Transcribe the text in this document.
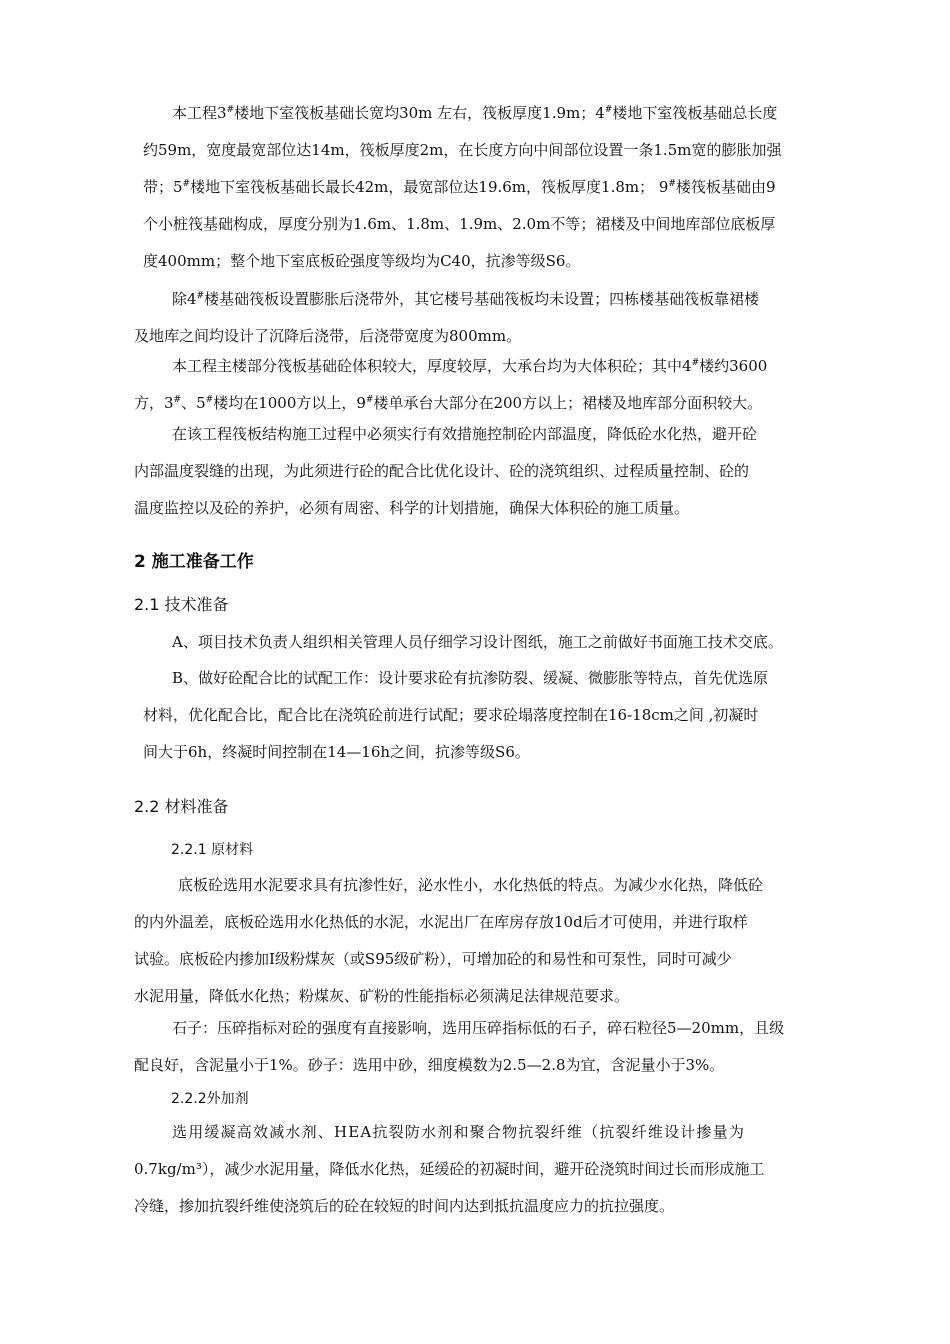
本工程3#楼地下室筏板基础长宽均30m 左右，筏板厚度1.9m；4#楼地下室筏板基础总长度
约59m，宽度最宽部位达14m，筏板厚度2m，在长度方向中间部位设置一条1.5m宽的膨胀加强
带；5#楼地下室筏板基础长最长42m，最宽部位达19.6m，筏板厚度1.8m； 9#楼筏板基础由9
个小桩筏基础构成，厚度分别为1.6m、1.8m、1.9m、2.0m不等；裙楼及中间地库部位底板厚
度400mm；整个地下室底板砼强度等级均为C40，抗渗等级S6。
除4#楼基础筏板设置膨胀后浇带外，其它楼号基础筏板均未设置；四栋楼基础筏板靠裙楼
及地库之间均设计了沉降后浇带，后浇带宽度为800mm。
本工程主楼部分筏板基础砼体积较大，厚度较厚，大承台均为大体积砼；其中4#楼约3600
方，3#、5#楼均在1000方以上，9#楼单承台大部分在200方以上；裙楼及地库部分面积较大。
在该工程筏板结构施工过程中必须实行有效措施控制砼内部温度，降低砼水化热，避开砼
内部温度裂缝的出现，为此须进行砼的配合比优化设计、砼的浇筑组织、过程质量控制、砼的
温度监控以及砼的养护，必须有周密、科学的计划措施，确保大体积砼的施工质量。
2 施工准备工作
2.1 技术准备
A、项目技术负责人组织相关管理人员仔细学习设计图纸，施工之前做好书面施工技术交底。
B、做好砼配合比的试配工作：设计要求砼有抗渗防裂、缓凝、微膨胀等特点，首先优选原
材料，优化配合比，配合比在浇筑砼前进行试配；要求砼塌落度控制在16-18cm之间 ,初凝时
间大于6h，终凝时间控制在14—16h之间，抗渗等级S6。
2.2 材料准备
2.2.1 原材料
底板砼选用水泥要求具有抗渗性好，泌水性小，水化热低的特点。为减少水化热，降低砼
的内外温差，底板砼选用水化热低的水泥，水泥出厂在库房存放10d后才可使用，并进行取样
试验。底板砼内掺加Ⅰ级粉煤灰（或S95级矿粉），可增加砼的和易性和可泵性，同时可减少
水泥用量，降低水化热；粉煤灰、矿粉的性能指标必须满足法律规范要求。
石子：压碎指标对砼的强度有直接影响，选用压碎指标低的石子，碎石粒径5—20mm，且级
配良好，含泥量小于1%。砂子：选用中砂，细度模数为2.5—2.8为宜，含泥量小于3%。
2.2.2外加剂
选用缓凝高效减水剂、HEA抗裂防水剂和聚合物抗裂纤维（抗裂纤维设计掺量为
0.7kg/m³），减少水泥用量，降低水化热，延缓砼的初凝时间，避开砼浇筑时间过长而形成施工
冷缝，掺加抗裂纤维使浇筑后的砼在较短的时间内达到抵抗温度应力的抗拉强度。
